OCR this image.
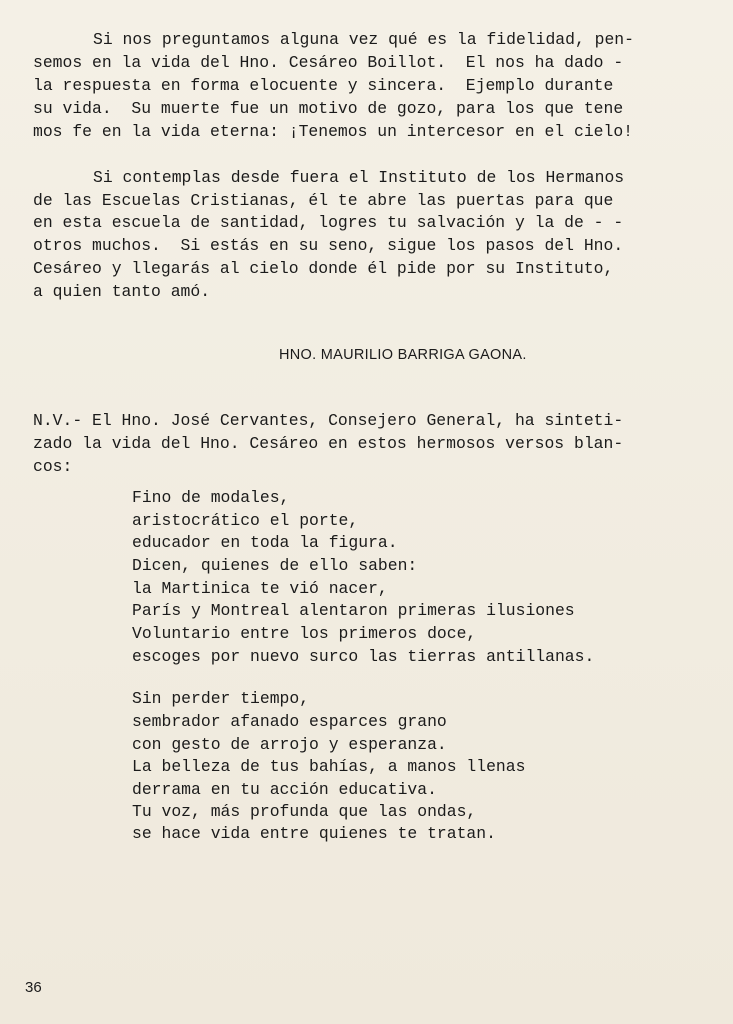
Si nos preguntamos alguna vez qué es la fidelidad, pen-
semos en la vida del Hno. Cesáreo Boillot.  El nos ha dado -
la respuesta en forma elocuente y sincera.  Ejemplo durante
su vida.  Su muerte fue un motivo de gozo, para los que tene
mos fe en la vida eterna: ¡Tenemos un intercesor en el cielo!
Si contemplas desde fuera el Instituto de los Hermanos
de las Escuelas Cristianas, él te abre las puertas para que
en esta escuela de santidad, logres tu salvación y la de - -
otros muchos.  Si estás en su seno, sigue los pasos del Hno.
Cesáreo y llegarás al cielo donde él pide por su Instituto,
a quien tanto amó.
HNO. MAURILIO BARRIGA GAONA.
N.V.- El Hno. José Cervantes, Consejero General, ha sinteti-
zado la vida del Hno. Cesáreo en estos hermosos versos blan-
cos:
Fino de modales,
aristocrático el porte,
educador en toda la figura.
Dicen, quienes de ello saben:
la Martinica te vió nacer,
París y Montreal alentaron primeras ilusiones
Voluntario entre los primeros doce,
escoges por nuevo surco las tierras antillanas.
Sin perder tiempo,
sembrador afanado esparces grano
con gesto de arrojo y esperanza.
La belleza de tus bahías, a manos llenas
derrama en tu acción educativa.
Tu voz, más profunda que las ondas,
se hace vida entre quienes te tratan.
36
